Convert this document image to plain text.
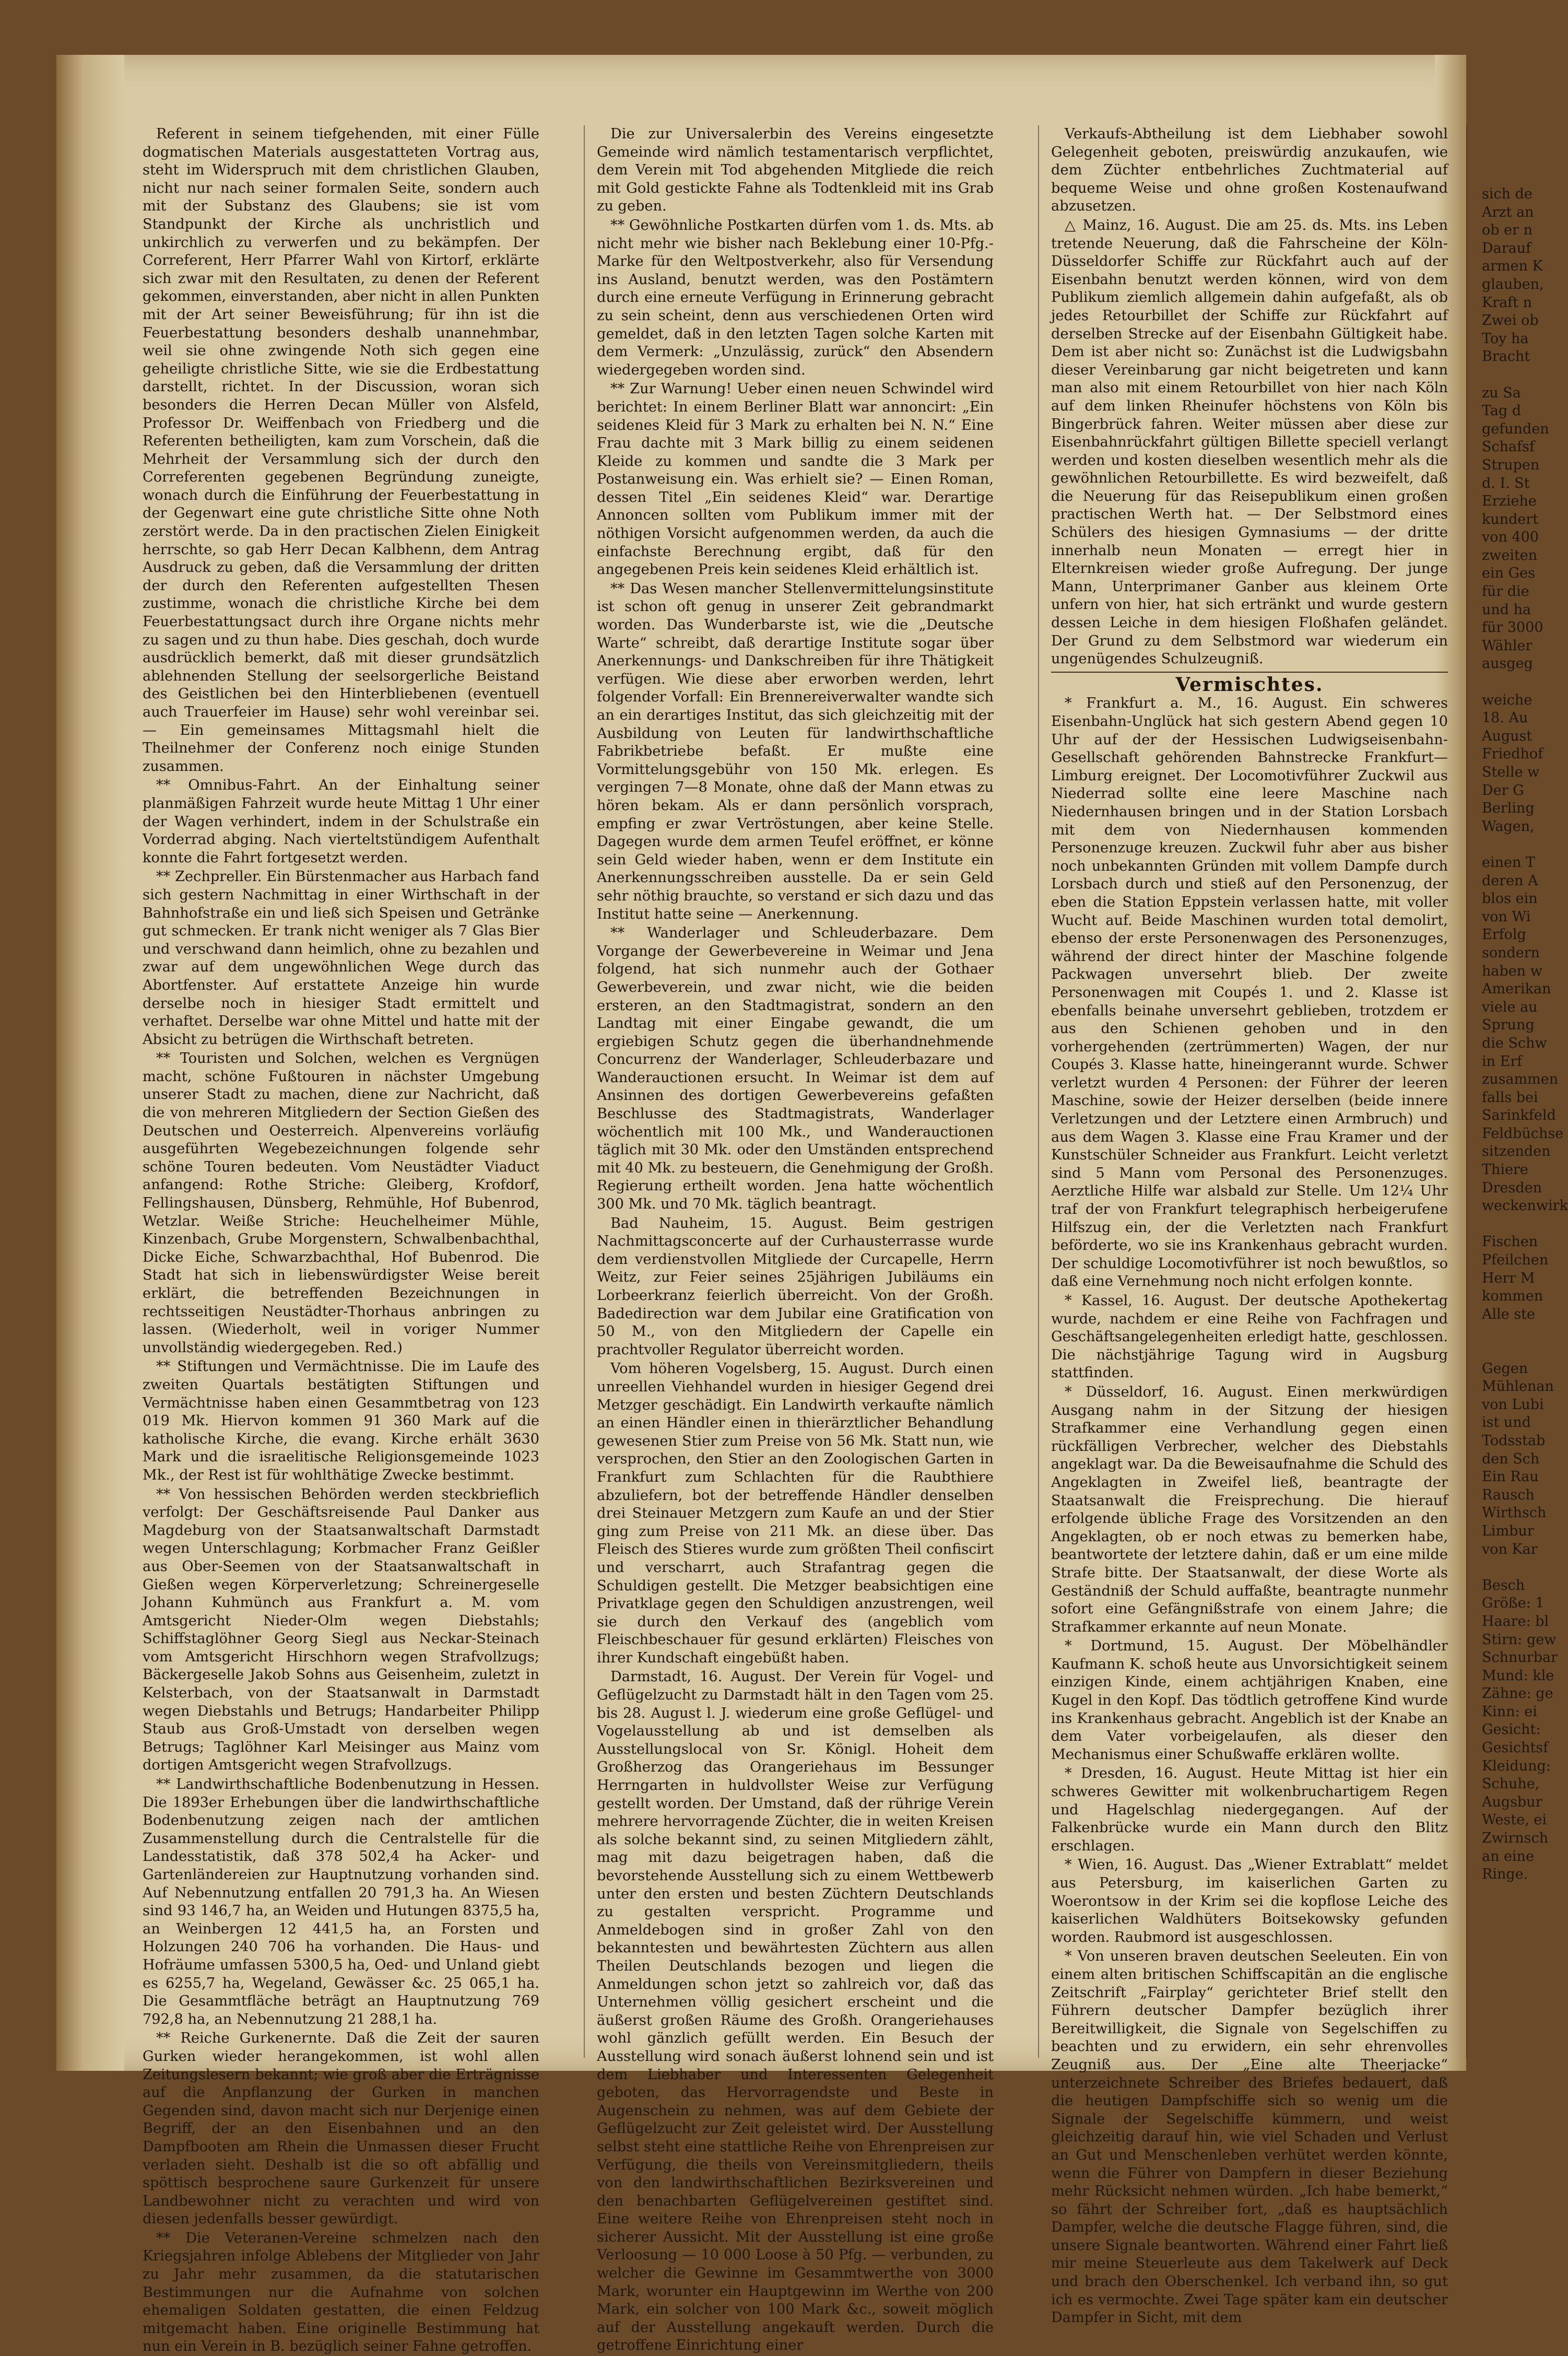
Referent in seinem tiefgehenden, mit einer Fülle dogmatischen Materials ausgestatteten Vortrag aus, steht im Widerspruch mit dem christlichen Glauben, nicht nur nach seiner formalen Seite, sondern auch mit der Substanz des Glaubens; sie ist vom Standpunkt der Kirche als unchristlich und unkirchlich zu verwerfen und zu bekämpfen. Der Correferent, Herr Pfarrer Wahl von Kirtorf, erklärte sich zwar mit den Resultaten, zu denen der Referent gekommen, einverstanden, aber nicht in allen Punkten mit der Art seiner Beweisführung; für ihn ist die Feuerbestattung besonders deshalb unannehmbar, weil sie ohne zwingende Noth sich gegen eine geheiligte christliche Sitte, wie sie die Erdbestattung darstellt, richtet. In der Discussion, woran sich besonders die Herren Decan Müller von Alsfeld, Professor Dr. Weiffenbach von Friedberg und die Referenten betheiligten, kam zum Vorschein, daß die Mehrheit der Versammlung sich der durch den Correferenten gegebenen Begründung zuneigte, wonach durch die Einführung der Feuerbestattung in der Gegenwart eine gute christliche Sitte ohne Noth zerstört werde. Da in den practischen Zielen Einigkeit herrschte, so gab Herr Decan Kalbhenn, dem Antrag Ausdruck zu geben, daß die Versammlung der dritten der durch den Referenten aufgestellten Thesen zustimme, wonach die christliche Kirche bei dem Feuerbestattungsact durch ihre Organe nichts mehr zu sagen und zu thun habe. Dies geschah, doch wurde ausdrücklich bemerkt, daß mit dieser grundsätzlich ablehnenden Stellung der seelsorgerliche Beistand des Geistlichen bei den Hinterbliebenen (eventuell auch Trauerfeier im Hause) sehr wohl vereinbar sei. — Ein gemeinsames Mittagsmahl hielt die Theilnehmer der Conferenz noch einige Stunden zusammen.

** Omnibus-Fahrt. An der Einhaltung seiner planmäßigen Fahrzeit wurde heute Mittag 1 Uhr einer der Wagen verhindert, indem in der Schulstraße ein Vorderrad abging. Nach vierteltstündigem Aufenthalt konnte die Fahrt fortgesetzt werden.

** Zechpreller. Ein Bürstenmacher aus Harbach fand sich gestern Nachmittag in einer Wirthschaft in der Bahnhofstraße ein und ließ sich Speisen und Getränke gut schmecken. Er trank nicht weniger als 7 Glas Bier und verschwand dann heimlich, ohne zu bezahlen und zwar auf dem ungewöhnlichen Wege durch das Abortfenster. Auf erstattete Anzeige hin wurde derselbe noch in hiesiger Stadt ermittelt und verhaftet. Derselbe war ohne Mittel und hatte mit der Absicht zu betrügen die Wirthschaft betreten.

** Touristen und Solchen, welchen es Vergnügen macht, schöne Fußtouren in nächster Umgebung unserer Stadt zu machen, diene zur Nachricht, daß die von mehreren Mitgliedern der Section Gießen des Deutschen und Oesterreich. Alpenvereins vorläufig ausgeführten Wegebezeichnungen folgende sehr schöne Touren bedeuten. Vom Neustädter Viaduct anfangend: Rothe Striche: Gleiberg, Krofdorf, Fellingshausen, Dünsberg, Rehmühle, Hof Bubenrod, Wetzlar. Weiße Striche: Heuchelheimer Mühle, Kinzenbach, Grube Morgenstern, Schwalbenbachthal, Dicke Eiche, Schwarzbachthal, Hof Bubenrod. Die Stadt hat sich in liebenswürdigster Weise bereit erklärt, die betreffenden Bezeichnungen in rechtsseitigen Neustädter-Thorhaus anbringen zu lassen. (Wiederholt, weil in voriger Nummer unvollständig wiedergegeben. Red.)

** Stiftungen und Vermächtnisse. Die im Laufe des zweiten Quartals bestätigten Stiftungen und Vermächtnisse haben einen Gesammtbetrag von 123 019 Mk. Hiervon kommen 91 360 Mark auf die katholische Kirche, die evang. Kirche erhält 3630 Mark und die israelitische Religionsgemeinde 1023 Mk., der Rest ist für wohlthätige Zwecke bestimmt.

** Von hessischen Behörden werden steckbrieflich verfolgt: Der Geschäftsreisende Paul Danker aus Magdeburg von der Staatsanwaltschaft Darmstadt wegen Unterschlagung; Korbmacher Franz Geißler aus Ober-Seemen von der Staatsanwaltschaft in Gießen wegen Körperverletzung; Schreinergeselle Johann Kuhmünch aus Frankfurt a. M. vom Amtsgericht Nieder-Olm wegen Diebstahls; Schiffstaglöhner Georg Siegl aus Neckar-Steinach vom Amtsgericht Hirschhorn wegen Strafvollzugs; Bäckergeselle Jakob Sohns aus Geisenheim, zuletzt in Kelsterbach, von der Staatsanwalt in Darmstadt wegen Diebstahls und Betrugs; Handarbeiter Philipp Staub aus Groß-Umstadt von derselben wegen Betrugs; Taglöhner Karl Meisinger aus Mainz vom dortigen Amtsgericht wegen Strafvollzugs.

** Landwirthschaftliche Bodenbenutzung in Hessen. Die 1893er Erhebungen über die landwirthschaftliche Bodenbenutzung zeigen nach der amtlichen Zusammenstellung durch die Centralstelle für die Landesstatistik, daß 378 502,4 ha Acker- und Gartenländereien zur Hauptnutzung vorhanden sind. Auf Nebennutzung entfallen 20 791,3 ha. An Wiesen sind 93 146,7 ha, an Weiden und Hutungen 8375,5 ha, an Weinbergen 12 441,5 ha, an Forsten und Holzungen 240 706 ha vorhanden. Die Haus- und Hofräume umfassen 5300,5 ha, Oed- und Unland giebt es 6255,7 ha, Wegeland, Gewässer &c. 25 065,1 ha. Die Gesammtfläche beträgt an Hauptnutzung 769 792,8 ha, an Nebennutzung 21 288,1 ha.

** Reiche Gurkenernte. Daß die Zeit der sauren Gurken wieder herangekommen, ist wohl allen Zeitungslesern bekannt; wie groß aber die Erträgnisse auf die Anpflanzung der Gurken in manchen Gegenden sind, davon macht sich nur Derjenige einen Begriff, der an den Eisenbahnen und an den Dampfbooten am Rhein die Unmassen dieser Frucht verladen sieht. Deshalb ist die so oft abfällig und spöttisch besprochene saure Gurkenzeit für unsere Landbewohner nicht zu verachten und wird von diesen jedenfalls besser gewürdigt.

** Die Veteranen-Vereine schmelzen nach den Kriegsjahren infolge Ablebens der Mitglieder von Jahr zu Jahr mehr zusammen, da die statutarischen Bestimmungen nur die Aufnahme von solchen ehemaligen Soldaten gestatten, die einen Feldzug mitgemacht haben. Eine originelle Bestimmung hat nun ein Verein in B. bezüglich seiner Fahne getroffen.

Die zur Universalerbin des Vereins eingesetzte Gemeinde wird nämlich testamentarisch verpflichtet, dem Verein mit Tod abgehenden Mitgliede die reich mit Gold gestickte Fahne als Todtenkleid mit ins Grab zu geben.

** Gewöhnliche Postkarten dürfen vom 1. ds. Mts. ab nicht mehr wie bisher nach Beklebung einer 10-Pfg.-Marke für den Weltpostverkehr, also für Versendung ins Ausland, benutzt werden, was den Postämtern durch eine erneute Verfügung in Erinnerung gebracht zu sein scheint, denn aus verschiedenen Orten wird gemeldet, daß in den letzten Tagen solche Karten mit dem Vermerk: „Unzulässig, zurück“ den Absendern wiedergegeben worden sind.

** Zur Warnung! Ueber einen neuen Schwindel wird berichtet: In einem Berliner Blatt war annoncirt: „Ein seidenes Kleid für 3 Mark zu erhalten bei N. N.“ Eine Frau dachte mit 3 Mark billig zu einem seidenen Kleide zu kommen und sandte die 3 Mark per Postanweisung ein. Was erhielt sie? — Einen Roman, dessen Titel „Ein seidenes Kleid“ war. Derartige Annoncen sollten vom Publikum immer mit der nöthigen Vorsicht aufgenommen werden, da auch die einfachste Berechnung ergibt, daß für den angegebenen Preis kein seidenes Kleid erhältlich ist.

** Das Wesen mancher Stellenvermittelungsinstitute ist schon oft genug in unserer Zeit gebrandmarkt worden. Das Wunderbarste ist, wie die „Deutsche Warte“ schreibt, daß derartige Institute sogar über Anerkennungs- und Dankschreiben für ihre Thätigkeit verfügen. Wie diese aber erworben werden, lehrt folgender Vorfall: Ein Brennereiverwalter wandte sich an ein derartiges Institut, das sich gleichzeitig mit der Ausbildung von Leuten für landwirthschaftliche Fabrikbetriebe befaßt. Er mußte eine Vormittelungsgebühr von 150 Mk. erlegen. Es vergingen 7—8 Monate, ohne daß der Mann etwas zu hören bekam. Als er dann persönlich vorsprach, empfing er zwar Vertröstungen, aber keine Stelle. Dagegen wurde dem armen Teufel eröffnet, er könne sein Geld wieder haben, wenn er dem Institute ein Anerkennungsschreiben ausstelle. Da er sein Geld sehr nöthig brauchte, so verstand er sich dazu und das Institut hatte seine — Anerkennung.

** Wanderlager und Schleuderbazare. Dem Vorgange der Gewerbevereine in Weimar und Jena folgend, hat sich nunmehr auch der Gothaer Gewerbeverein, und zwar nicht, wie die beiden ersteren, an den Stadtmagistrat, sondern an den Landtag mit einer Eingabe gewandt, die um ergiebigen Schutz gegen die überhandnehmende Concurrenz der Wanderlager, Schleuderbazare und Wanderauctionen ersucht. In Weimar ist dem auf Ansinnen des dortigen Gewerbevereins gefaßten Beschlusse des Stadtmagistrats, Wanderlager wöchentlich mit 100 Mk., und Wanderauctionen täglich mit 30 Mk. oder den Umständen entsprechend mit 40 Mk. zu besteuern, die Genehmigung der Großh. Regierung ertheilt worden. Jena hatte wöchentlich 300 Mk. und 70 Mk. täglich beantragt.

Bad Nauheim, 15. August. Beim gestrigen Nachmittagsconcerte auf der Curhausterrasse wurde dem verdienstvollen Mitgliede der Curcapelle, Herrn Weitz, zur Feier seines 25jährigen Jubiläums ein Lorbeerkranz feierlich überreicht. Von der Großh. Badedirection war dem Jubilar eine Gratification von 50 M., von den Mitgliedern der Capelle ein prachtvoller Regulator überreicht worden.

Vom höheren Vogelsberg, 15. August. Durch einen unreellen Viehhandel wurden in hiesiger Gegend drei Metzger geschädigt. Ein Landwirth verkaufte nämlich an einen Händler einen in thierärztlicher Behandlung gewesenen Stier zum Preise von 56 Mk. Statt nun, wie versprochen, den Stier an den Zoologischen Garten in Frankfurt zum Schlachten für die Raubthiere abzuliefern, bot der betreffende Händler denselben drei Steinauer Metzgern zum Kaufe an und der Stier ging zum Preise von 211 Mk. an diese über. Das Fleisch des Stieres wurde zum größten Theil confiscirt und verscharrt, auch Strafantrag gegen die Schuldigen gestellt. Die Metzger beabsichtigen eine Privatklage gegen den Schuldigen anzustrengen, weil sie durch den Verkauf des (angeblich vom Fleischbeschauer für gesund erklärten) Fleisches von ihrer Kundschaft eingebüßt haben.

Darmstadt, 16. August. Der Verein für Vogel- und Geflügelzucht zu Darmstadt hält in den Tagen vom 25. bis 28. August l. J. wiederum eine große Geflügel- und Vogelausstellung ab und ist demselben als Ausstellungslocal von Sr. Königl. Hoheit dem Großherzog das Orangeriehaus im Bessunger Herrngarten in huldvollster Weise zur Verfügung gestellt worden. Der Umstand, daß der rührige Verein mehrere hervorragende Züchter, die in weiten Kreisen als solche bekannt sind, zu seinen Mitgliedern zählt, mag mit dazu beigetragen haben, daß die bevorstehende Ausstellung sich zu einem Wettbewerb unter den ersten und besten Züchtern Deutschlands zu gestalten verspricht. Programme und Anmeldebogen sind in großer Zahl von den bekanntesten und bewährtesten Züchtern aus allen Theilen Deutschlands bezogen und liegen die Anmeldungen schon jetzt so zahlreich vor, daß das Unternehmen völlig gesichert erscheint und die äußerst großen Räume des Großh. Orangeriehauses wohl gänzlich gefüllt werden. Ein Besuch der Ausstellung wird sonach äußerst lohnend sein und ist dem Liebhaber und Interessenten Gelegenheit geboten, das Hervorragendste und Beste in Augenschein zu nehmen, was auf dem Gebiete der Geflügelzucht zur Zeit geleistet wird. Der Ausstellung selbst steht eine stattliche Reihe von Ehrenpreisen zur Verfügung, die theils von Vereinsmitgliedern, theils von den landwirthschaftlichen Bezirksvereinen und den benachbarten Geflügelvereinen gestiftet sind. Eine weitere Reihe von Ehrenpreisen steht noch in sicherer Aussicht. Mit der Ausstellung ist eine große Verloosung — 10 000 Loose à 50 Pfg. — verbunden, zu welcher die Gewinne im Gesammtwerthe von 3000 Mark, worunter ein Hauptgewinn im Werthe von 200 Mark, ein solcher von 100 Mark &c., soweit möglich auf der Ausstellung angekauft werden. Durch die getroffene Einrichtung einer

Verkaufs-Abtheilung ist dem Liebhaber sowohl Gelegenheit geboten, preiswürdig anzukaufen, wie dem Züchter entbehrliches Zuchtmaterial auf bequeme Weise und ohne großen Kostenaufwand abzusetzen.

△ Mainz, 16. August. Die am 25. ds. Mts. ins Leben tretende Neuerung, daß die Fahrscheine der Köln-Düsseldorfer Schiffe zur Rückfahrt auch auf der Eisenbahn benutzt werden können, wird von dem Publikum ziemlich allgemein dahin aufgefaßt, als ob jedes Retourbillet der Schiffe zur Rückfahrt auf derselben Strecke auf der Eisenbahn Gültigkeit habe. Dem ist aber nicht so: Zunächst ist die Ludwigsbahn dieser Vereinbarung gar nicht beigetreten und kann man also mit einem Retourbillet von hier nach Köln auf dem linken Rheinufer höchstens von Köln bis Bingerbrück fahren. Weiter müssen aber diese zur Eisenbahnrückfahrt gültigen Billette speciell verlangt werden und kosten dieselben wesentlich mehr als die gewöhnlichen Retourbillette. Es wird bezweifelt, daß die Neuerung für das Reisepublikum einen großen practischen Werth hat. — Der Selbstmord eines Schülers des hiesigen Gymnasiums — der dritte innerhalb neun Monaten — erregt hier in Elternkreisen wieder große Aufregung. Der junge Mann, Unterprimaner Ganber aus kleinem Orte unfern von hier, hat sich ertränkt und wurde gestern dessen Leiche in dem hiesigen Floßhafen geländet. Der Grund zu dem Selbstmord war wiederum ein ungenügendes Schulzeugniß.

Vermischtes.

* Frankfurt a. M., 16. August. Ein schweres Eisenbahn-Unglück hat sich gestern Abend gegen 10 Uhr auf der der Hessischen Ludwigseisenbahn-Gesellschaft gehörenden Bahnstrecke Frankfurt—Limburg ereignet. Der Locomotivführer Zuckwil aus Niederrad sollte eine leere Maschine nach Niedernhausen bringen und in der Station Lorsbach mit dem von Niedernhausen kommenden Personenzuge kreuzen. Zuckwil fuhr aber aus bisher noch unbekannten Gründen mit vollem Dampfe durch Lorsbach durch und stieß auf den Personenzug, der eben die Station Eppstein verlassen hatte, mit voller Wucht auf. Beide Maschinen wurden total demolirt, ebenso der erste Personenwagen des Personenzuges, während der direct hinter der Maschine folgende Packwagen unversehrt blieb. Der zweite Personenwagen mit Coupés 1. und 2. Klasse ist ebenfalls beinahe unversehrt geblieben, trotzdem er aus den Schienen gehoben und in den vorhergehenden (zertrümmerten) Wagen, der nur Coupés 3. Klasse hatte, hineingerannt wurde. Schwer verletzt wurden 4 Personen: der Führer der leeren Maschine, sowie der Heizer derselben (beide innere Verletzungen und der Letztere einen Armbruch) und aus dem Wagen 3. Klasse eine Frau Kramer und der Kunstschüler Schneider aus Frankfurt. Leicht verletzt sind 5 Mann vom Personal des Personenzuges. Aerztliche Hilfe war alsbald zur Stelle. Um 12¼ Uhr traf der von Frankfurt telegraphisch herbeigerufene Hilfszug ein, der die Verletzten nach Frankfurt beförderte, wo sie ins Krankenhaus gebracht wurden. Der schuldige Locomotivführer ist noch bewußtlos, so daß eine Vernehmung noch nicht erfolgen konnte.

* Kassel, 16. August. Der deutsche Apothekertag wurde, nachdem er eine Reihe von Fachfragen und Geschäftsangelegenheiten erledigt hatte, geschlossen. Die nächstjährige Tagung wird in Augsburg stattfinden.

* Düsseldorf, 16. August. Einen merkwürdigen Ausgang nahm in der Sitzung der hiesigen Strafkammer eine Verhandlung gegen einen rückfälligen Verbrecher, welcher des Diebstahls angeklagt war. Da die Beweisaufnahme die Schuld des Angeklagten in Zweifel ließ, beantragte der Staatsanwalt die Freisprechung. Die hierauf erfolgende übliche Frage des Vorsitzenden an den Angeklagten, ob er noch etwas zu bemerken habe, beantwortete der letztere dahin, daß er um eine milde Strafe bitte. Der Staatsanwalt, der diese Worte als Geständniß der Schuld auffaßte, beantragte nunmehr sofort eine Gefängnißstrafe von einem Jahre; die Strafkammer erkannte auf neun Monate.

* Dortmund, 15. August. Der Möbelhändler Kaufmann K. schoß heute aus Unvorsichtigkeit seinem einzigen Kinde, einem achtjährigen Knaben, eine Kugel in den Kopf. Das tödtlich getroffene Kind wurde ins Krankenhaus gebracht. Angeblich ist der Knabe an dem Vater vorbeigelaufen, als dieser den Mechanismus einer Schußwaffe erklären wollte.

* Dresden, 16. August. Heute Mittag ist hier ein schweres Gewitter mit wolkenbruchartigem Regen und Hagelschlag niedergegangen. Auf der Falkenbrücke wurde ein Mann durch den Blitz erschlagen.

* Wien, 16. August. Das „Wiener Extrablatt“ meldet aus Petersburg, im kaiserlichen Garten zu Woerontsow in der Krim sei die kopflose Leiche des kaiserlichen Waldhüters Boitsekowsky gefunden worden. Raubmord ist ausgeschlossen.

* Von unseren braven deutschen Seeleuten. Ein von einem alten britischen Schiffscapitän an die englische Zeitschrift „Fairplay“ gerichteter Brief stellt den Führern deutscher Dampfer bezüglich ihrer Bereitwilligkeit, die Signale von Segelschiffen zu beachten und zu erwidern, ein sehr ehrenvolles Zeugniß aus. Der „Eine alte Theerjacke“ unterzeichnete Schreiber des Briefes bedauert, daß die heutigen Dampfschiffe sich so wenig um die Signale der Segelschiffe kümmern, und weist gleichzeitig darauf hin, wie viel Schaden und Verlust an Gut und Menschenleben verhütet werden könnte, wenn die Führer von Dampfern in dieser Beziehung mehr Rücksicht nehmen würden. „Ich habe bemerkt,“ so fährt der Schreiber fort, „daß es hauptsächlich Dampfer, welche die deutsche Flagge führen, sind, die unsere Signale beantworten. Während einer Fahrt ließ mir meine Steuerleute aus dem Takelwerk auf Deck und brach den Oberschenkel. Ich verband ihn, so gut ich es vermochte. Zwei Tage später kam ein deutscher Dampfer in Sicht, mit dem

sich de
Arzt an
ob er n
Darauf
armen K
glauben,
Kraft n
Zwei ob
Toy ha
Bracht
zu Sa
Tag d
gefunden
Schafsf
Strupen
d. I. St
Erziehe
kundert
von 400
zweiten
ein Ges
für die
und ha
für 3000
Wähler
ausgeg
weiche
18. Au
August
Friedhof
Stelle w
Der G
Berling
Wagen,
einen T
deren A
blos ein
von Wi
Erfolg
sondern
haben w
Amerikan
viele au
Sprung
die Schw
in Erf
zusammen
falls bei
Sarinkfeld
Feldbüchse
sitzenden
Thiere
Dresden
weckenwirk
Fischen
Pfeilchen
Herr M
kommen
Alle ste
Gegen
Mühlenan
von Lubi
ist und
Todsstab
den Sch
Ein Rau
Rausch
Wirthsch
Limbur
von Kar
Besch
Größe: 1
Haare: bl
Stirn: gew
Schnurbar
Mund: kle
Zähne: ge
Kinn: ei
Gesicht:
Gesichtsf
Kleidung:
Schuhe,
Augsbur
Weste, ei
Zwirnsch
an eine
Ringe.
